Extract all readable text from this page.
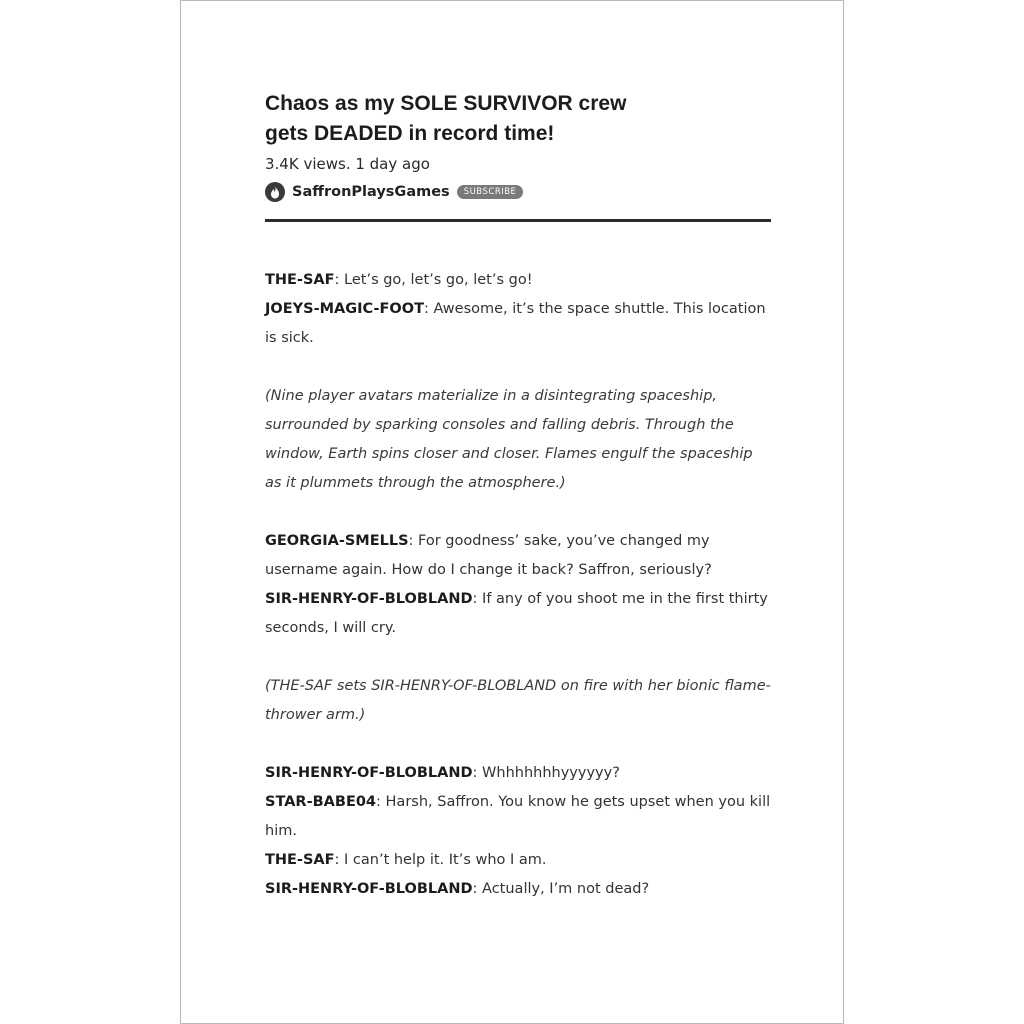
Chaos as my SOLE SURVIVOR crew
gets DEADED in record time!
3.4K views. 1 day ago
SaffronPlaysGames	SUBSCRIBE

THE-SAF: Let’s go, let’s go, let’s go!

JOEYS-MAGIC-FOOT: Awesome, it’s the space shuttle. This location is sick.

(Nine player avatars materialize in a disintegrating spaceship, surrounded by sparking consoles and falling debris. Through the window, Earth spins closer and closer. Flames engulf the spaceship as it plummets through the atmosphere.)

GEORGIA-SMELLS: For goodness’ sake, you’ve changed my username again. How do I change it back? Saffron, seriously?

SIR-HENRY-OF-BLOBLAND: If any of you shoot me in the first thirty seconds, I will cry.

(THE-SAF sets SIR-HENRY-OF-BLOBLAND on fire with her bionic flame-thrower arm.)

SIR-HENRY-OF-BLOBLAND: Whhhhhhhyyyyyy?

STAR-BABE04: Harsh, Saffron. You know he gets upset when you kill him.

THE-SAF: I can’t help it. It’s who I am.

SIR-HENRY-OF-BLOBLAND: Actually, I’m not dead?
